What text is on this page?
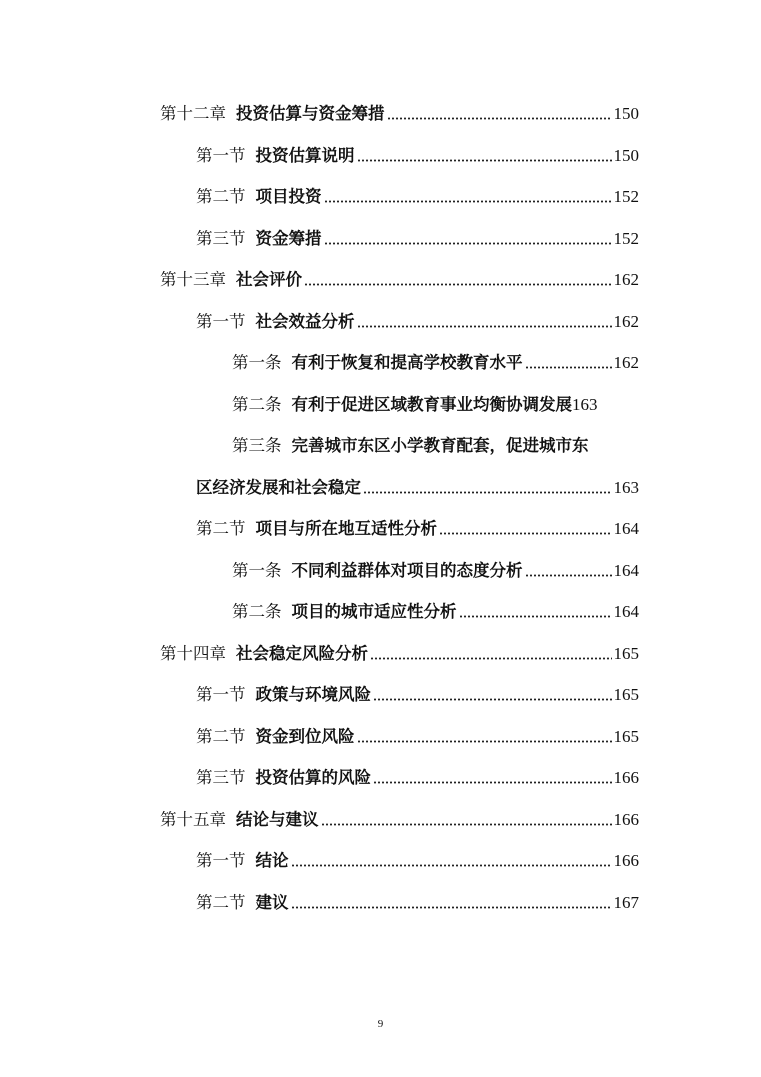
第十二章 投资估算与资金筹措	150
第一节 投资估算说明	150
第二节 项目投资	152
第三节 资金筹措	152
第十三章 社会评价	162
第一节 社会效益分析	162
第一条 有利于恢复和提高学校教育水平	162
第二条 有利于促进区域教育事业均衡协调发展 163
第三条 完善城市东区小学教育配套，促进城市东
区经济发展和社会稳定	163
第二节 项目与所在地互适性分析	164
第一条 不同利益群体对项目的态度分析	164
第二条 项目的城市适应性分析	164
第十四章 社会稳定风险分析	165
第一节 政策与环境风险	165
第二节 资金到位风险	165
第三节 投资估算的风险	166
第十五章 结论与建议	166
第一节 结论	166
第二节 建议	167
9
